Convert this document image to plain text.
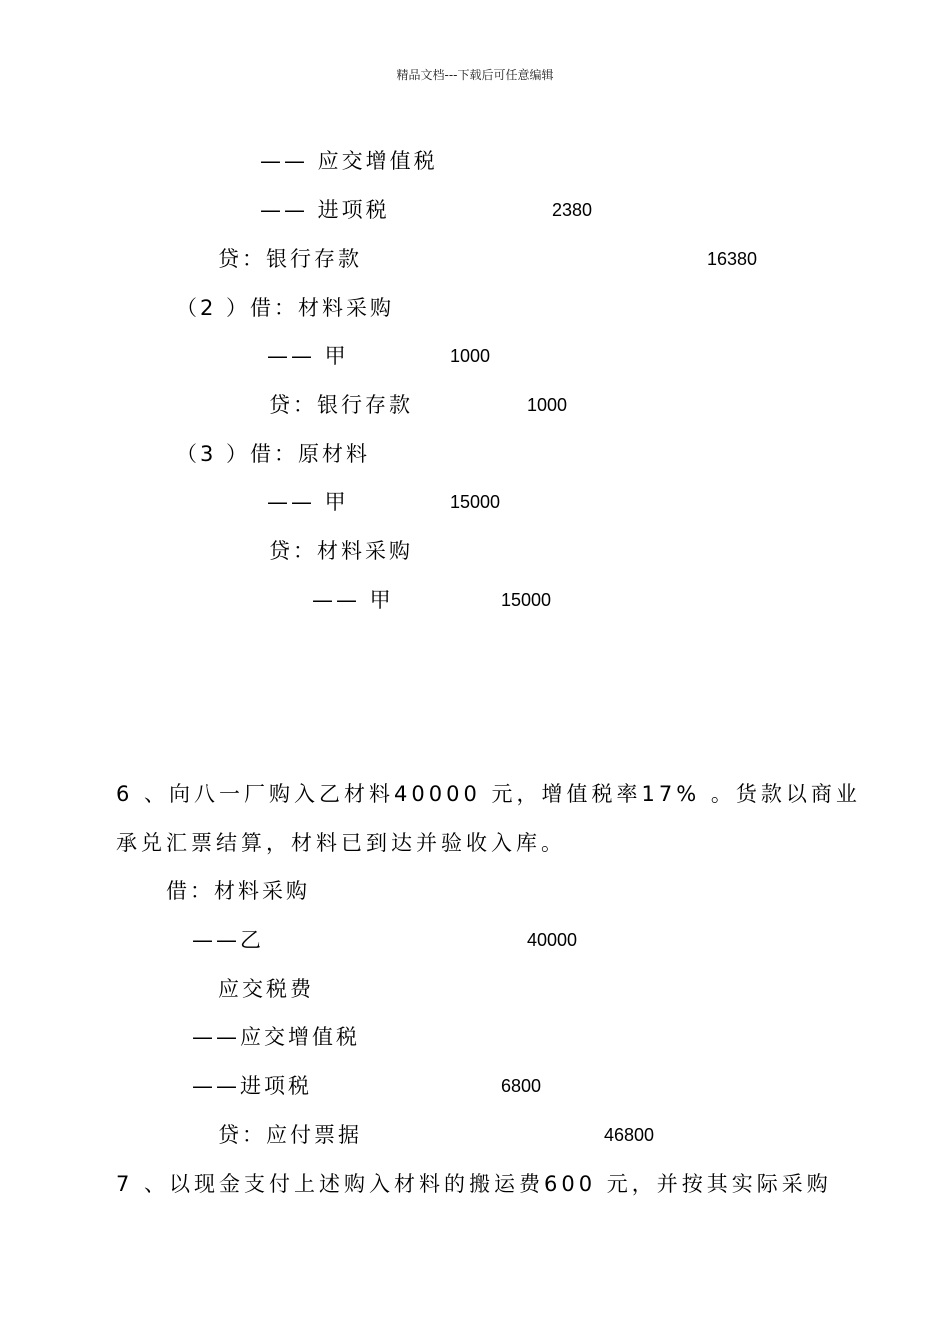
精品文档---下载后可任意编辑
—— 应交增值税
—— 进项税	2380
贷：银行存款	16380
（2 ）借：材料采购
—— 甲	1000
贷：银行存款	1000
（3 ）借：原材料
—— 甲	15000
贷：材料采购
—— 甲	15000
6 、向八一厂购入乙材料40000 元，增值税率17% 。货款以商业
承兑汇票结算，材料已到达并验收入库。
借：材料采购
——乙	40000
应交税费
——应交增值税
——进项税	6800
贷：应付票据	46800
7 、以现金支付上述购入材料的搬运费600 元，并按其实际采购
